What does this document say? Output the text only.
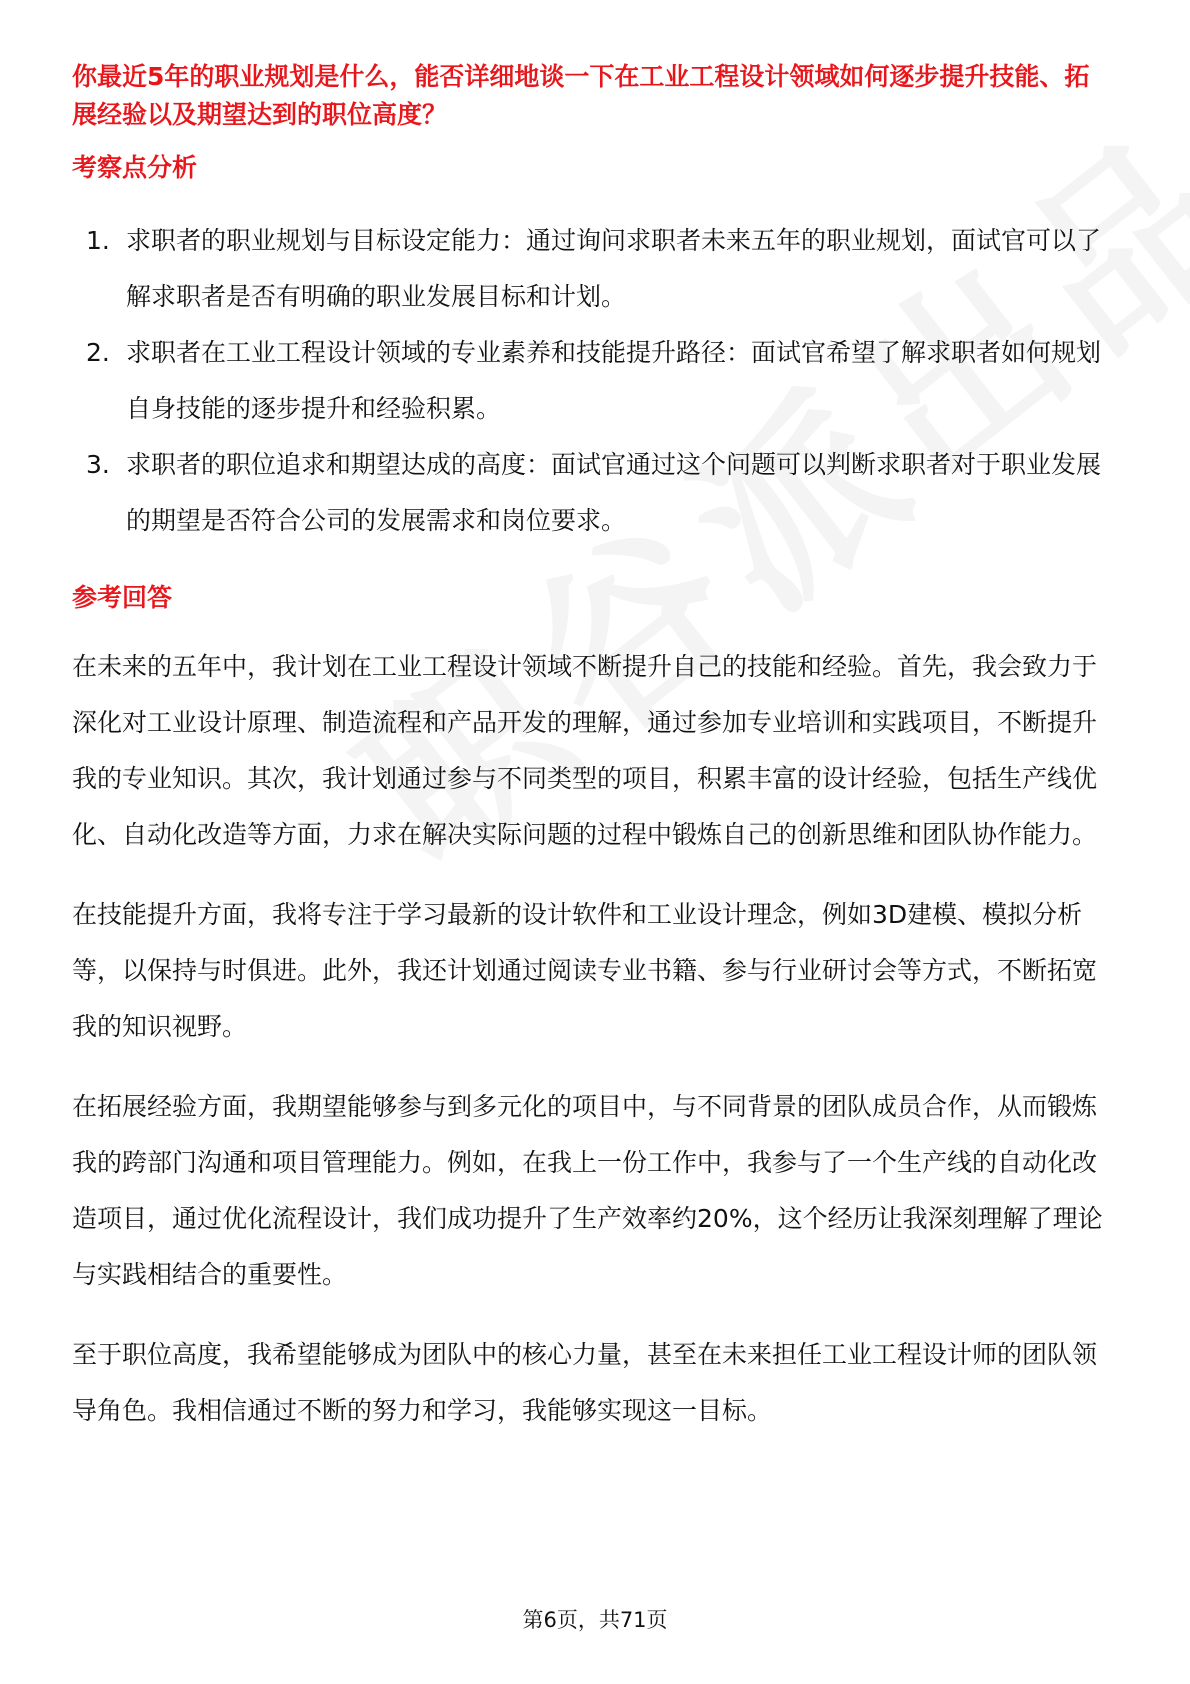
你最近5年的职业规划是什么，能否详细地谈一下在工业工程设计领域如何逐步提升技能、拓展经验以及期望达到的职位高度？

考察点分析
1. 求职者的职业规划与目标设定能力：通过询问求职者未来五年的职业规划，面试官可以了解求职者是否有明确的职业发展目标和计划。
2. 求职者在工业工程设计领域的专业素养和技能提升路径：面试官希望了解求职者如何规划自身技能的逐步提升和经验积累。
3. 求职者的职位追求和期望达成的高度：面试官通过这个问题可以判断求职者对于职业发展的期望是否符合公司的发展需求和岗位要求。
参考回答

在未来的五年中，我计划在工业工程设计领域不断提升自己的技能和经验。首先，我会致力于深化对工业设计原理、制造流程和产品开发的理解，通过参加专业培训和实践项目，不断提升我的专业知识。其次，我计划通过参与不同类型的项目，积累丰富的设计经验，包括生产线优化、自动化改造等方面，力求在解决实际问题的过程中锻炼自己的创新思维和团队协作能力。

在技能提升方面，我将专注于学习最新的设计软件和工业设计理念，例如3D建模、模拟分析等，以保持与时俱进。此外，我还计划通过阅读专业书籍、参与行业研讨会等方式，不断拓宽我的知识视野。

在拓展经验方面，我期望能够参与到多元化的项目中，与不同背景的团队成员合作，从而锻炼我的跨部门沟通和项目管理能力。例如，在我上一份工作中，我参与了一个生产线的自动化改造项目，通过优化流程设计，我们成功提升了生产效率约20%，这个经历让我深刻理解了理论与实践相结合的重要性。

至于职位高度，我希望能够成为团队中的核心力量，甚至在未来担任工业工程设计师的团队领导角色。我相信通过不断的努力和学习，我能够实现这一目标。

第6页，共71页
